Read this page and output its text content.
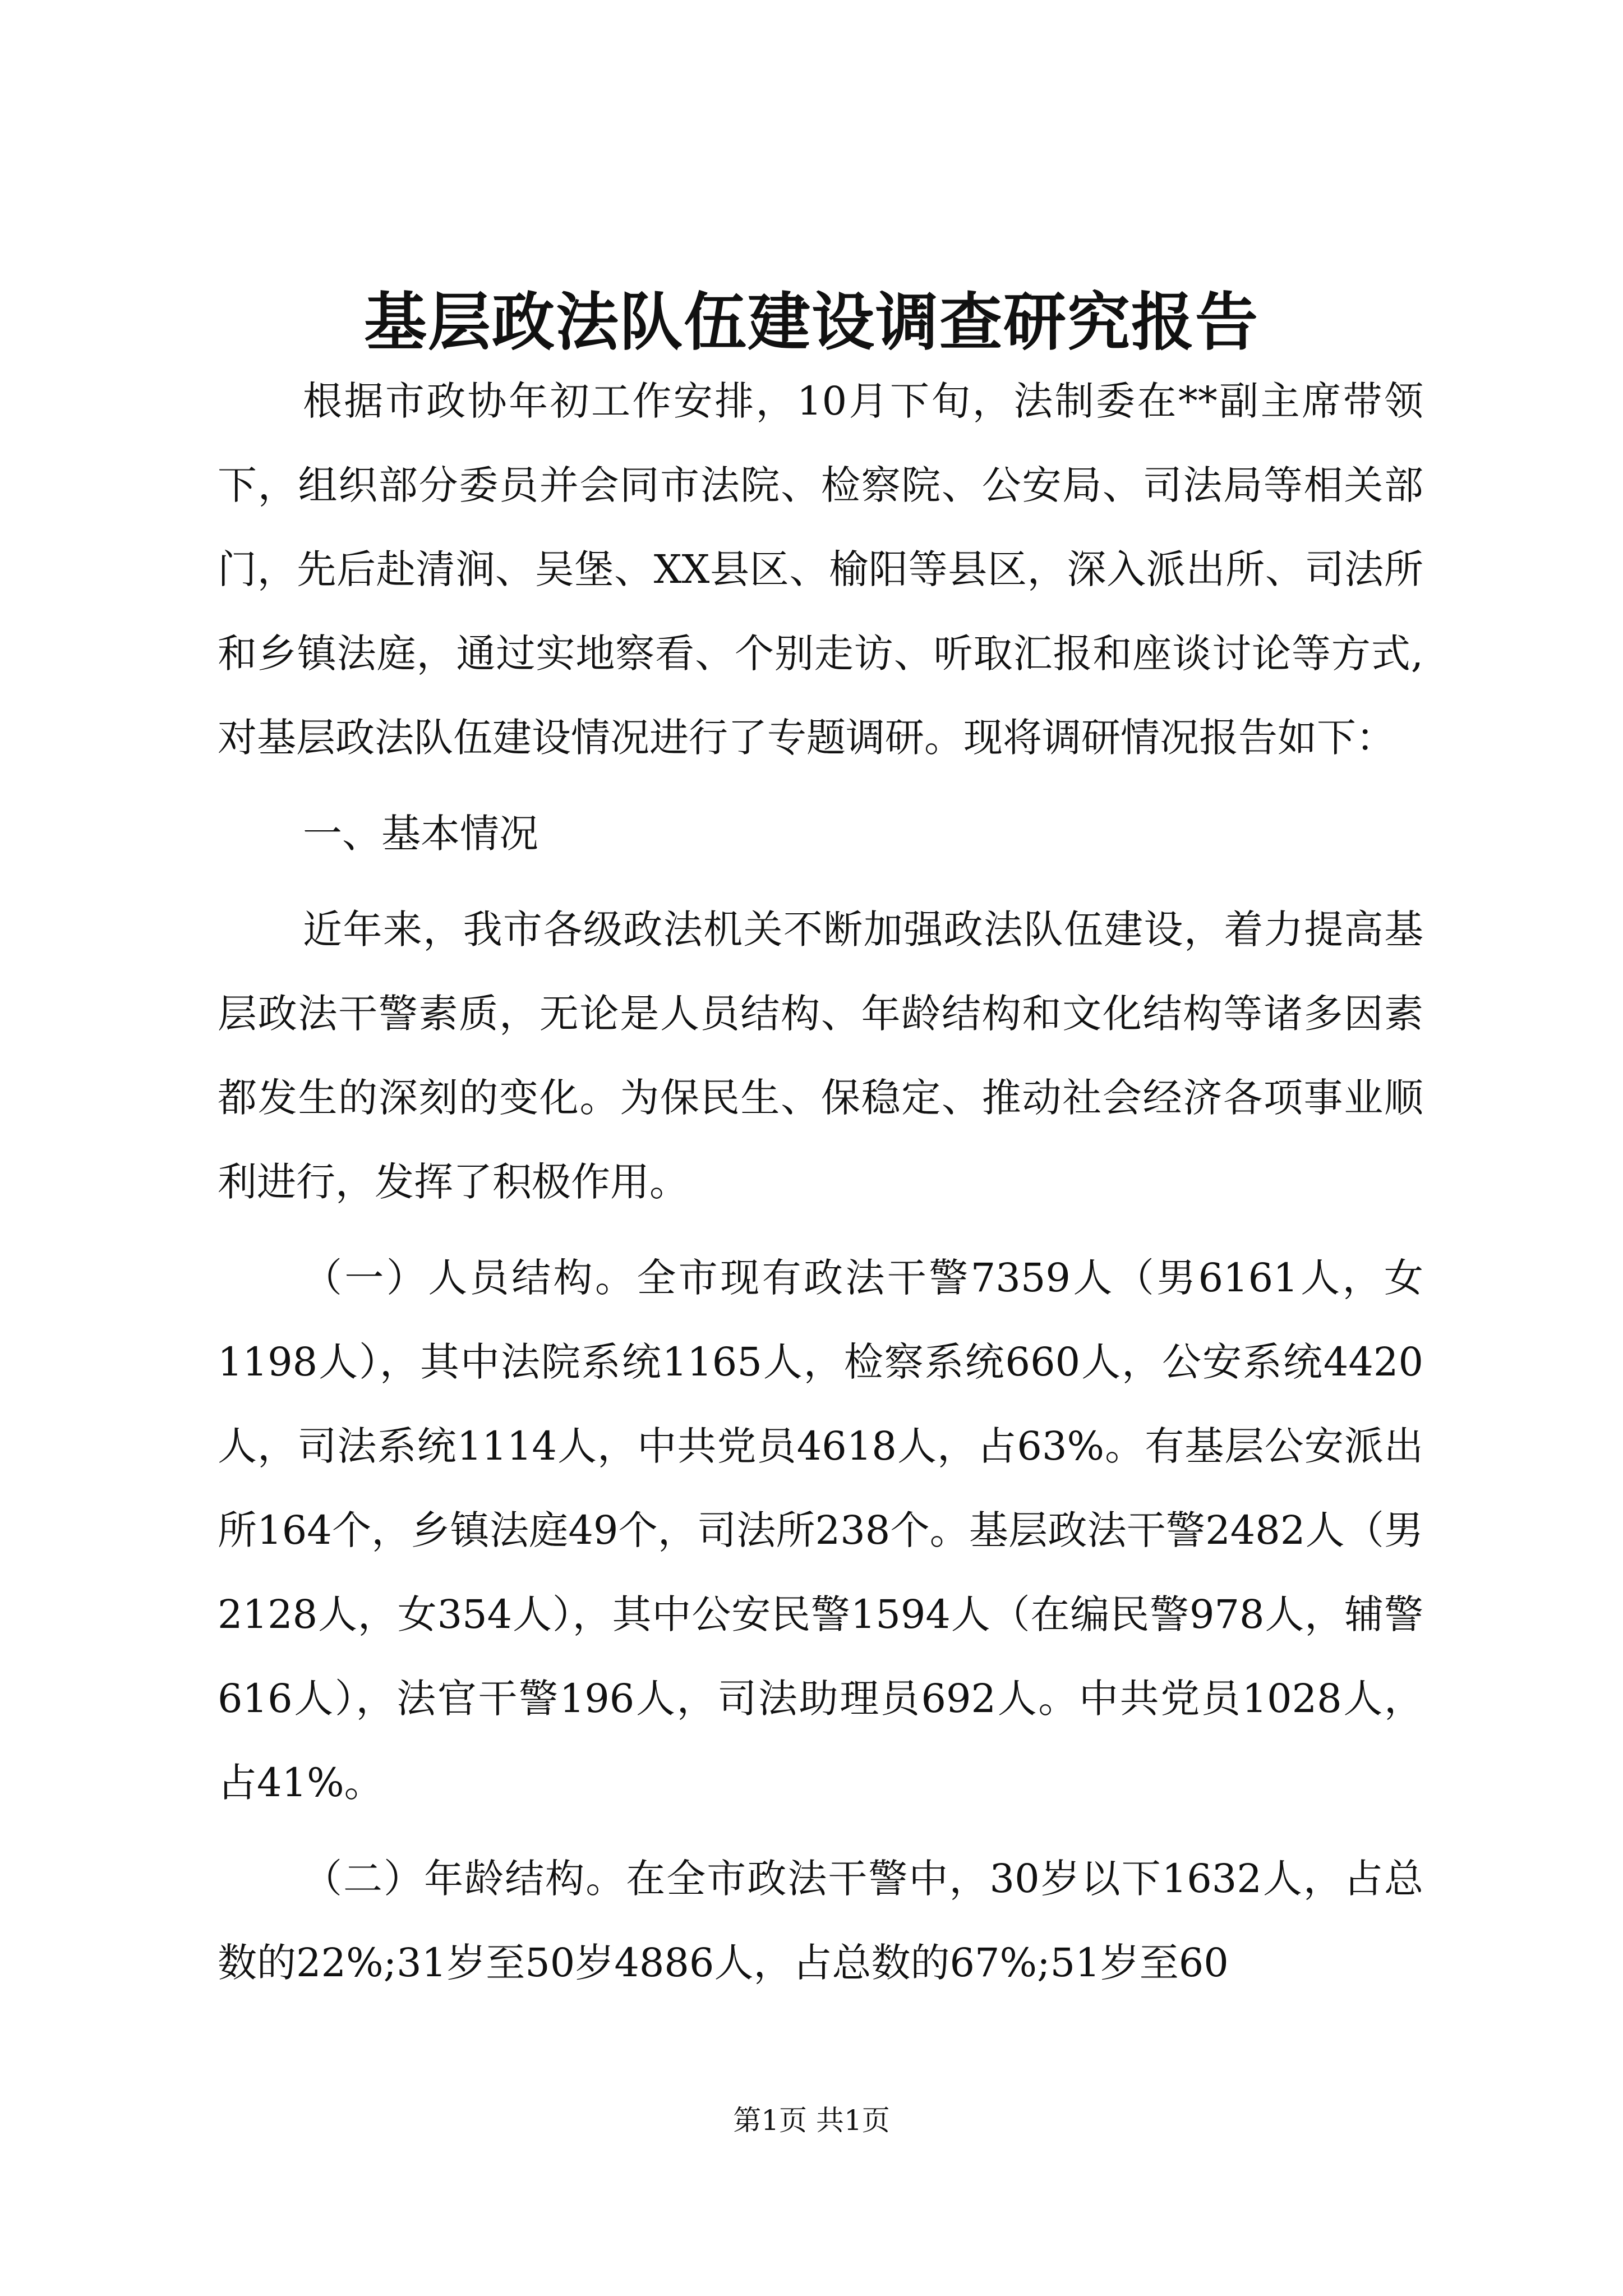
基层政法队伍建设调查研究报告

根据市政协年初工作安排，10月下旬，法制委在**副主席带领下，组织部分委员并会同市法院、检察院、公安局、司法局等相关部门，先后赴清涧、吴堡、XX县区、榆阳等县区，深入派出所、司法所和乡镇法庭，通过实地察看、个别走访、听取汇报和座谈讨论等方式,对基层政法队伍建设情况进行了专题调研。现将调研情况报告如下：

一、基本情况

近年来，我市各级政法机关不断加强政法队伍建设，着力提高基层政法干警素质，无论是人员结构、年龄结构和文化结构等诸多因素都发生的深刻的变化。为保民生、保稳定、推动社会经济各项事业顺利进行，发挥了积极作用。

（一）人员结构。全市现有政法干警7359人（男6161人，女1198人），其中法院系统1165人，检察系统660人，公安系统4420人，司法系统1114人，中共党员4618人，占63%。有基层公安派出所164个，乡镇法庭49个，司法所238个。基层政法干警2482人（男2128人，女354人），其中公安民警1594人（在编民警978人，辅警616人），法官干警196人，司法助理员692人。中共党员1028人，占41%。

（二）年龄结构。在全市政法干警中，30岁以下1632人，占总数的22%;31岁至50岁4886人，占总数的67%;51岁至60

第1页 共1页
